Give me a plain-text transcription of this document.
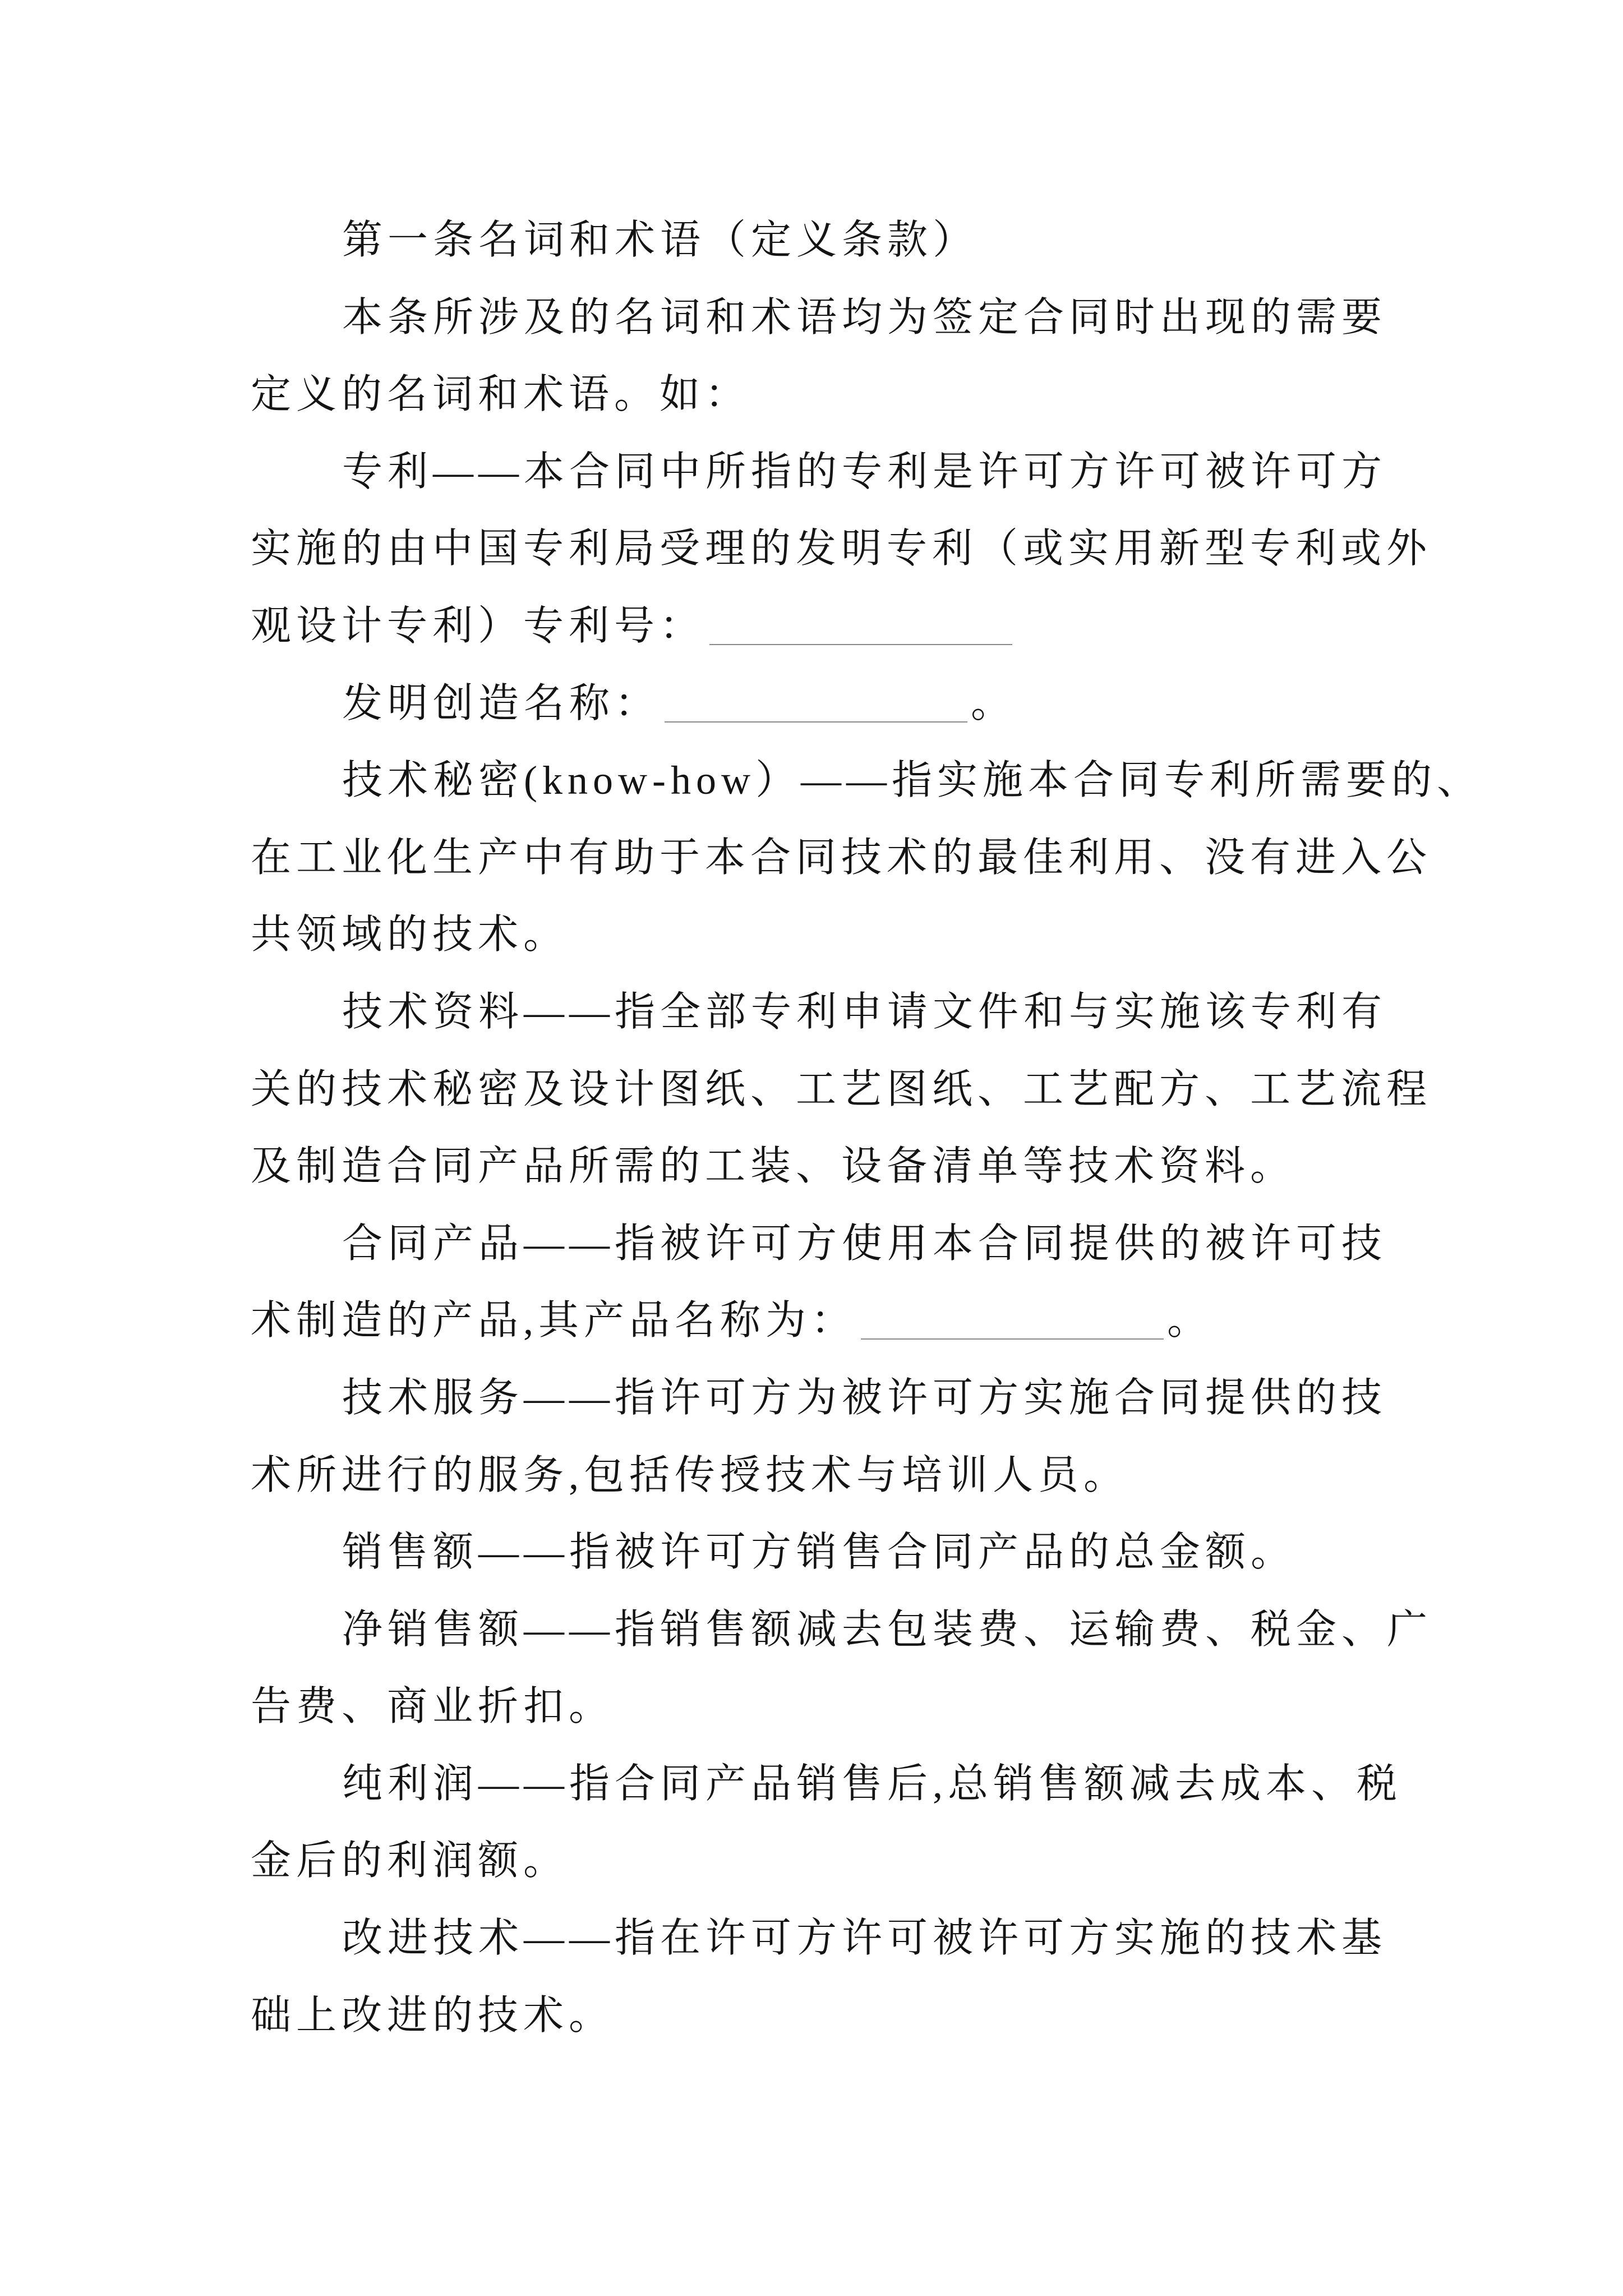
第一条名词和术语（定义条款）
本条所涉及的名词和术语均为签定合同时出现的需要
定义的名词和术语。如：
专利——本合同中所指的专利是许可方许可被许可方
实施的由中国专利局受理的发明专利（或实用新型专利或外
观设计专利）专利号：
发明创造名称：	。
技术秘密(know-how）——指实施本合同专利所需要的、
在工业化生产中有助于本合同技术的最佳利用、没有进入公
共领域的技术。
技术资料——指全部专利申请文件和与实施该专利有
关的技术秘密及设计图纸、工艺图纸、工艺配方、工艺流程
及制造合同产品所需的工装、设备清单等技术资料。
合同产品——指被许可方使用本合同提供的被许可技
术制造的产品,其产品名称为：	。
技术服务——指许可方为被许可方实施合同提供的技
术所进行的服务,包括传授技术与培训人员。
销售额——指被许可方销售合同产品的总金额。
净销售额——指销售额减去包装费、运输费、税金、广
告费、商业折扣。
纯利润——指合同产品销售后,总销售额减去成本、税
金后的利润额。
改进技术——指在许可方许可被许可方实施的技术基
础上改进的技术。
